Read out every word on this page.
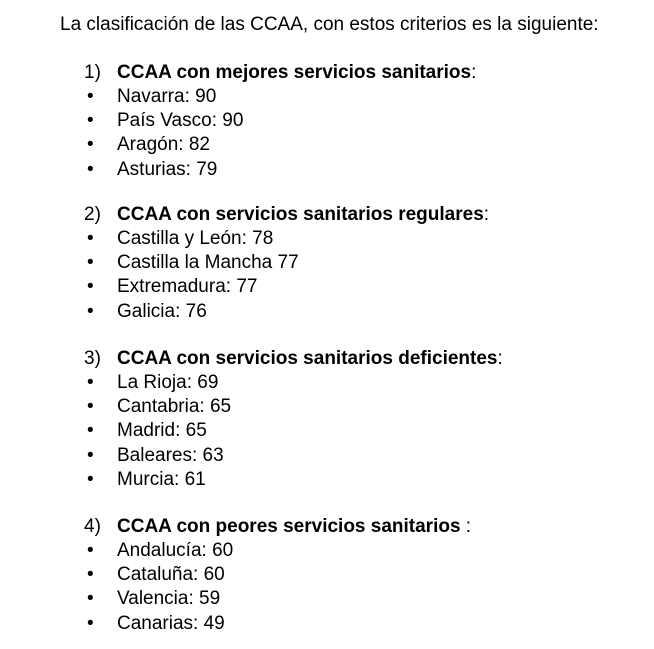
La clasificación de las CCAA, con estos criterios es la siguiente:
1) CCAA con mejores servicios sanitarios :
•	Navarra: 90
•	País Vasco: 90
•	Aragón: 82
•	Asturias: 79
2) CCAA con servicios sanitarios regulares :
•	Castilla y León: 78
•	Castilla la Mancha 77
•	Extremadura: 77
•	Galicia: 76
3) CCAA con servicios sanitarios deficientes :
•	La Rioja: 69
•	Cantabria: 65
•	Madrid: 65
•	Baleares: 63
•	Murcia: 61
4) CCAA con peores servicios sanitarios :
•	Andalucía: 60
•	Cataluña: 60
•	Valencia: 59
•	Canarias: 49
